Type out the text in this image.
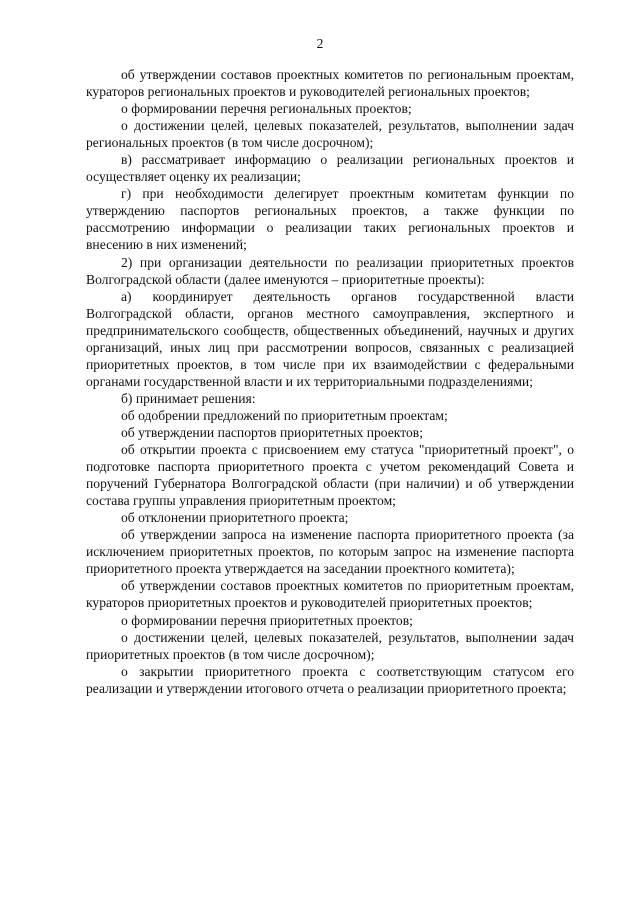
2

об утверждении составов проектных комитетов по региональным проектам, кураторов региональных проектов и руководителей региональных проектов;

о формировании перечня региональных проектов;

о достижении целей, целевых показателей, результатов, выполнении задач региональных проектов (в том числе досрочном);

в) рассматривает информацию о реализации региональных проектов и осуществляет оценку их реализации;

г) при необходимости делегирует проектным комитетам функции по утверждению паспортов региональных проектов, а также функции по рассмотрению информации о реализации таких региональных проектов и внесению в них изменений;

2) при организации деятельности по реализации приоритетных проектов Волгоградской области (далее именуются – приоритетные проекты):

а) координирует деятельность органов государственной власти Волгоградской области, органов местного самоуправления, экспертного и предпринимательского сообществ, общественных объединений, научных и других организаций, иных лиц при рассмотрении вопросов, связанных с реализацией приоритетных проектов, в том числе при их взаимодействии с федеральными органами государственной власти и их территориальными подразделениями;

б) принимает решения:

об одобрении предложений по приоритетным проектам;

об утверждении паспортов приоритетных проектов;

об открытии проекта с присвоением ему статуса "приоритетный проект", о подготовке паспорта приоритетного проекта с учетом рекомендаций Совета и поручений Губернатора Волгоградской области (при наличии) и об утверждении состава группы управления приоритетным проектом;

об отклонении приоритетного проекта;

об утверждении запроса на изменение паспорта приоритетного проекта (за исключением приоритетных проектов, по которым запрос на изменение паспорта приоритетного проекта утверждается на заседании проектного комитета);

об утверждении составов проектных комитетов по приоритетным проектам, кураторов приоритетных проектов и руководителей приоритетных проектов;

о формировании перечня приоритетных проектов;

о достижении целей, целевых показателей, результатов, выполнении задач приоритетных проектов (в том числе досрочном);

о закрытии приоритетного проекта с соответствующим статусом его реализации и утверждении итогового отчета о реализации приоритетного проекта;
